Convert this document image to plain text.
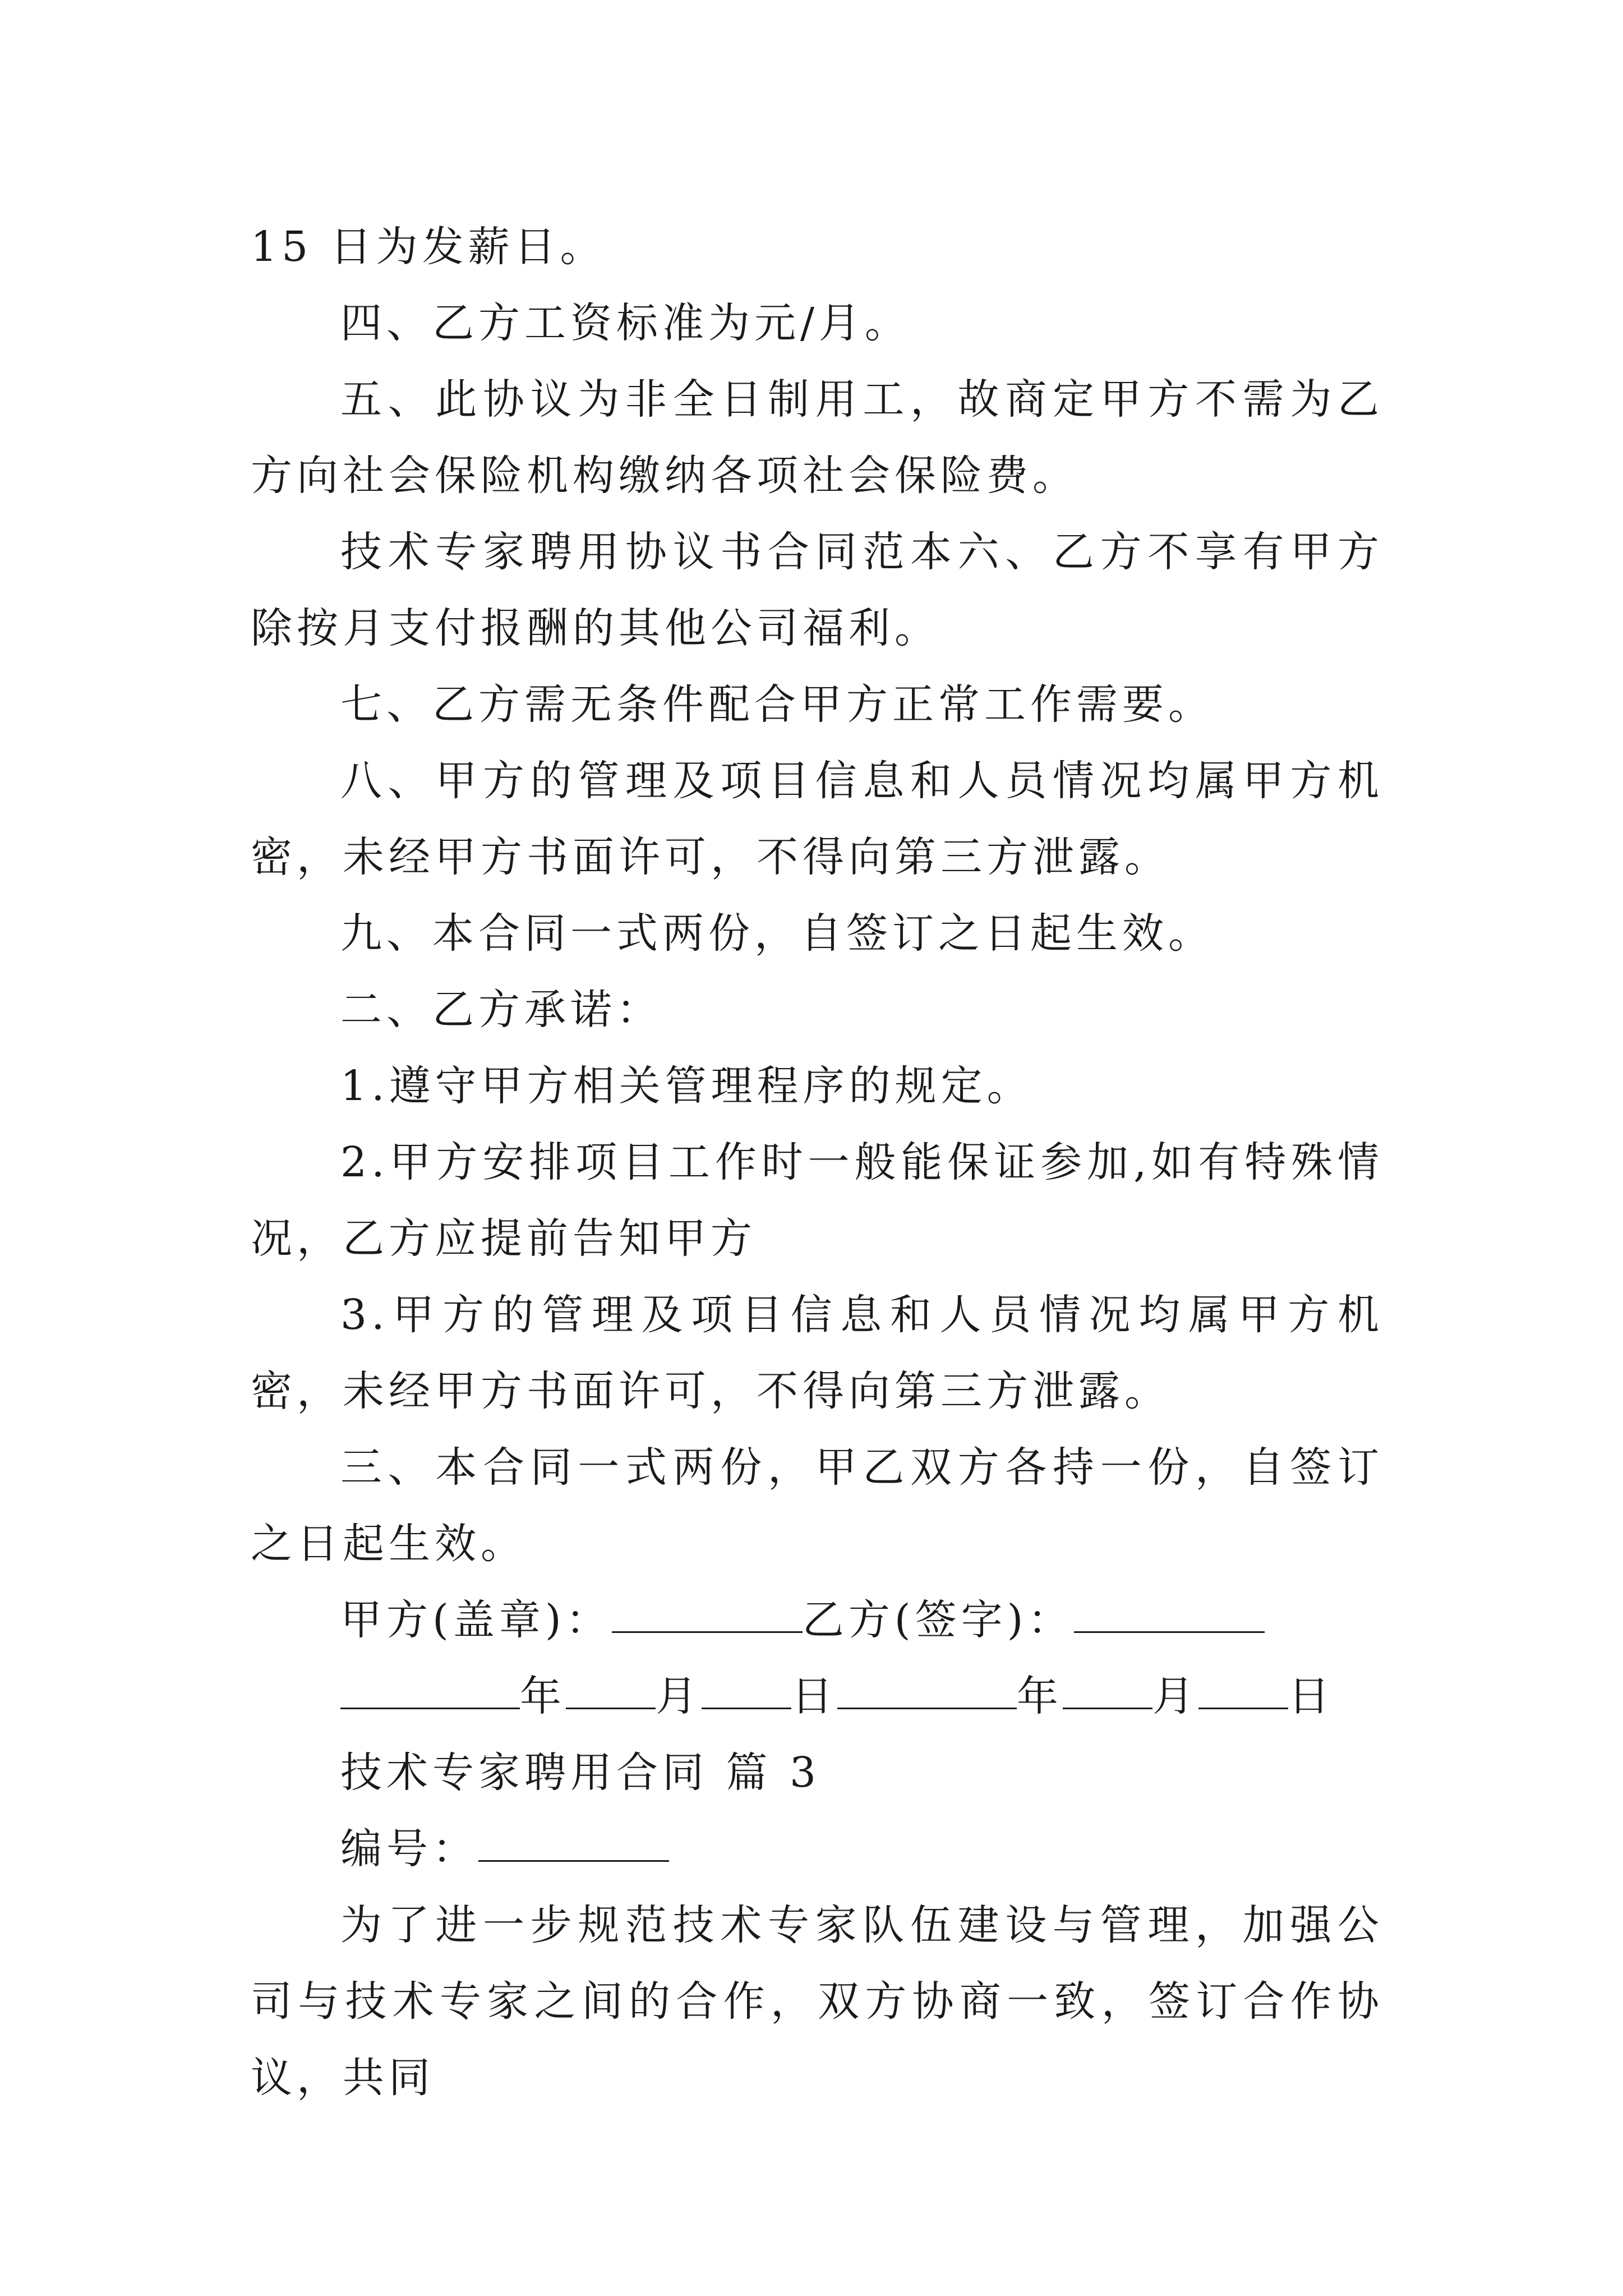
15 日为发薪日。

四、乙方工资标准为元/月。

五、此协议为非全日制用工，故商定甲方不需为乙方向社会保险机构缴纳各项社会保险费。

技术专家聘用协议书合同范本六、乙方不享有甲方除按月支付报酬的其他公司福利。

七、乙方需无条件配合甲方正常工作需要。

八、甲方的管理及项目信息和人员情况均属甲方机密，未经甲方书面许可，不得向第三方泄露。

九、本合同一式两份，自签订之日起生效。

二、乙方承诺：

1.遵守甲方相关管理程序的规定。

2.甲方安排项目工作时一般能保证参加,如有特殊情况，乙方应提前告知甲方

3.甲方的管理及项目信息和人员情况均属甲方机密，未经甲方书面许可，不得向第三方泄露。

三、本合同一式两份，甲乙双方各持一份，自签订之日起生效。

甲方(盖章)：	乙方(签字)：

年 月 日	年 月 日

技术专家聘用合同 篇 3

编号：

为了进一步规范技术专家队伍建设与管理，加强公司与技术专家之间的合作，双方协商一致，签订合作协议，共同
